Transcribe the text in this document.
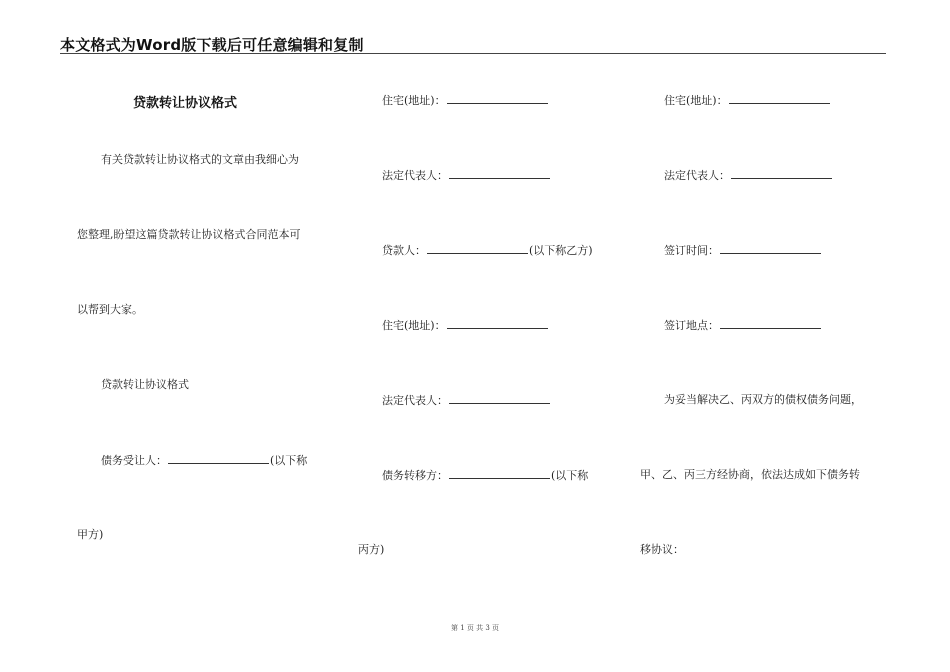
本文格式为Word版下载后可任意编辑和复制
贷款转让协议格式
有关贷款转让协议格式的文章由我细心为
您整理,盼望这篇贷款转让协议格式合同范本可
以帮到大家。
贷款转让协议格式
债务受让人：	(以下称
甲方)
住宅(地址)：
法定代表人：
贷款人：	(以下称乙方)
住宅(地址)：
法定代表人：
债务转移方：	(以下称
丙方)
住宅(地址)：
法定代表人：
签订时间：
签订地点：
为妥当解决乙、丙双方的债权债务问题，
甲、乙、丙三方经协商，依法达成如下债务转
移协议：
第 1 页 共 3 页
